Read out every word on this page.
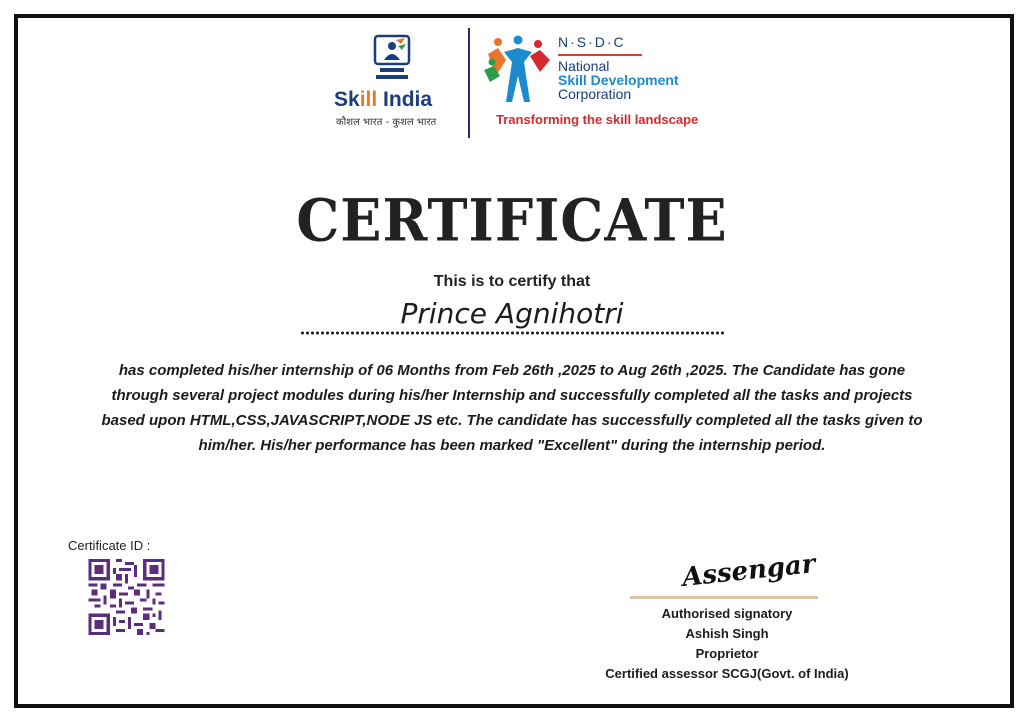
Skill India
कौशल भारत - कुशल भारत
N·S·D·C
National
Skill Development
Corporation
Transforming the skill landscape
CERTIFICATE
This is to certify that
Prince Agnihotri
has completed his/her internship of 06 Months from Feb 26th ,2025 to Aug 26th ,2025. The Candidate has gone through several project modules during his/her Internship and successfully completed all the tasks and projects based upon HTML,CSS,JAVASCRIPT,NODE JS etc. The candidate has successfully completed all the tasks given to him/her. His/her performance has been marked "Excellent" during the internship period.
Certificate ID :
Assengar
Authorised signatory
Ashish Singh
Proprietor
Certified assessor SCGJ(Govt. of India)
